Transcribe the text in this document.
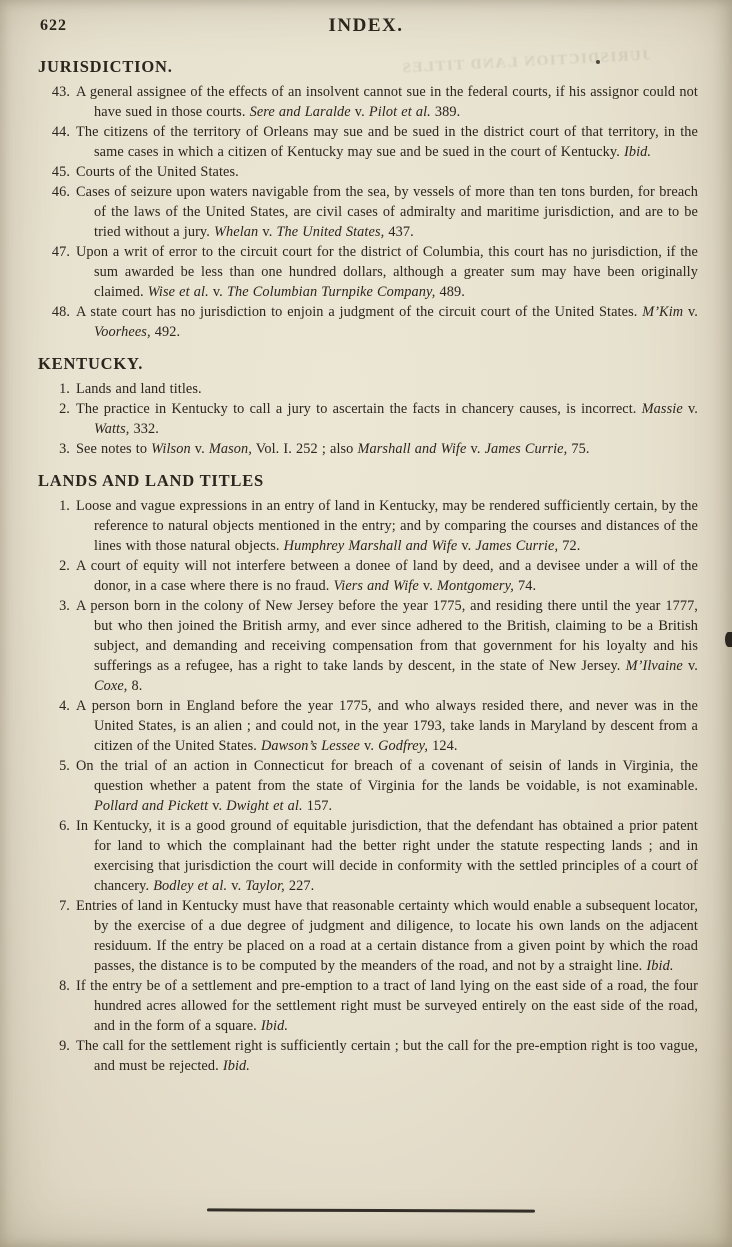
JURISDICTION LAND TITLES
622	INDEX.
JURISDICTION.
43. A general assignee of the effects of an insolvent cannot sue in the federal courts, if his assignor could not have sued in those courts. Sere and Laralde v. Pilot et al. 389.
44. The citizens of the territory of Orleans may sue and be sued in the district court of that territory, in the same cases in which a citizen of Kentucky may sue and be sued in the court of Kentucky. Ibid.
45. Courts of the United States.
46. Cases of seizure upon waters navigable from the sea, by vessels of more than ten tons burden, for breach of the laws of the United States, are civil cases of admiralty and maritime jurisdiction, and are to be tried without a jury. Whelan v. The United States, 437.
47. Upon a writ of error to the circuit court for the district of Columbia, this court has no jurisdiction, if the sum awarded be less than one hundred dollars, although a greater sum may have been originally claimed. Wise et al. v. The Columbian Turnpike Company, 489.
48. A state court has no jurisdiction to enjoin a judgment of the circuit court of the United States. M’Kim v. Voorhees, 492.
KENTUCKY.
1. Lands and land titles.
2. The practice in Kentucky to call a jury to ascertain the facts in chancery causes, is incorrect. Massie v. Watts, 332.
3. See notes to Wilson v. Mason, Vol. I. 252 ; also Marshall and Wife v. James Currie, 75.
LANDS AND LAND TITLES
1. Loose and vague expressions in an entry of land in Kentucky, may be rendered sufficiently certain, by the reference to natural objects mentioned in the entry; and by comparing the courses and distances of the lines with those natural objects. Humphrey Marshall and Wife v. James Currie, 72.
2. A court of equity will not interfere between a donee of land by deed, and a devisee under a will of the donor, in a case where there is no fraud. Viers and Wife v. Montgomery, 74.
3. A person born in the colony of New Jersey before the year 1775, and residing there until the year 1777, but who then joined the British army, and ever since adhered to the British, claiming to be a British subject, and demanding and receiving compensation from that government for his loyalty and his sufferings as a refugee, has a right to take lands by descent, in the state of New Jersey. M’Ilvaine v. Coxe, 8.
4. A person born in England before the year 1775, and who always resided there, and never was in the United States, is an alien ; and could not, in the year 1793, take lands in Maryland by descent from a citizen of the United States. Dawson’s Lessee v. Godfrey, 124.
5. On the trial of an action in Connecticut for breach of a covenant of seisin of lands in Virginia, the question whether a patent from the state of Virginia for the lands be voidable, is not examinable. Pollard and Pickett v. Dwight et al. 157.
6. In Kentucky, it is a good ground of equitable jurisdiction, that the defendant has obtained a prior patent for land to which the complainant had the better right under the statute respecting lands ; and in exercising that jurisdiction the court will decide in conformity with the settled principles of a court of chancery. Bodley et al. v. Taylor, 227.
7. Entries of land in Kentucky must have that reasonable certainty which would enable a subsequent locator, by the exercise of a due degree of judgment and diligence, to locate his own lands on the adjacent residuum. If the entry be placed on a road at a certain distance from a given point by which the road passes, the distance is to be computed by the meanders of the road, and not by a straight line. Ibid.
8. If the entry be of a settlement and pre-emption to a tract of land lying on the east side of a road, the four hundred acres allowed for the settlement right must be surveyed entirely on the east side of the road, and in the form of a square. Ibid.
9. The call for the settlement right is sufficiently certain ; but the call for the pre-emption right is too vague, and must be rejected. Ibid.
